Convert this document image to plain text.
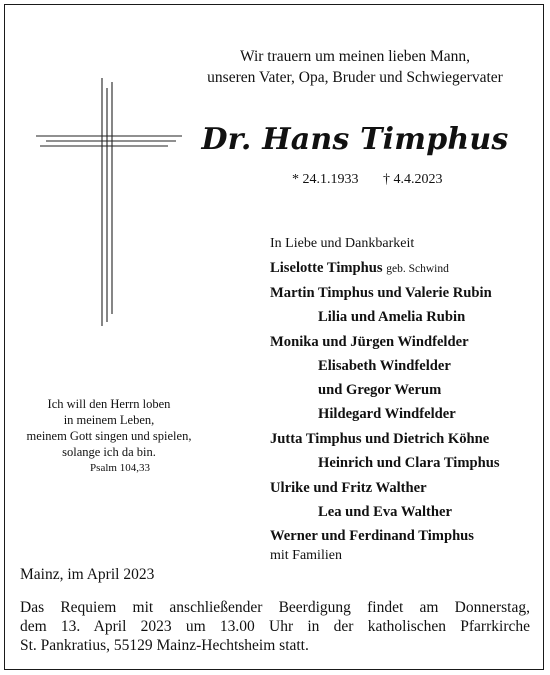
Wir trauern um meinen lieben Mann,
unseren Vater, Opa, Bruder und Schwiegervater
Dr. Hans Timphus
* 24.1.1933 † 4.4.2023
In Liebe und Dankbarkeit
Liselotte Timphus geb. Schwind
Martin Timphus und Valerie Rubin
Lilia und Amelia Rubin
Monika und Jürgen Windfelder
Elisabeth Windfelder
und Gregor Werum
Hildegard Windfelder
Jutta Timphus und Dietrich Köhne
Heinrich und Clara Timphus
Ulrike und Fritz Walther
Lea und Eva Walther
Werner und Ferdinand Timphus
mit Familien
Ich will den Herrn loben
in meinem Leben,
meinem Gott singen und spielen,
solange ich da bin.
Psalm 104,33
Mainz, im April 2023
Das Requiem mit anschließender Beerdigung findet am Donnerstag,
dem 13. April 2023 um 13.00 Uhr in der katholischen Pfarrkirche
St. Pankratius, 55129 Mainz-Hechtsheim statt.
